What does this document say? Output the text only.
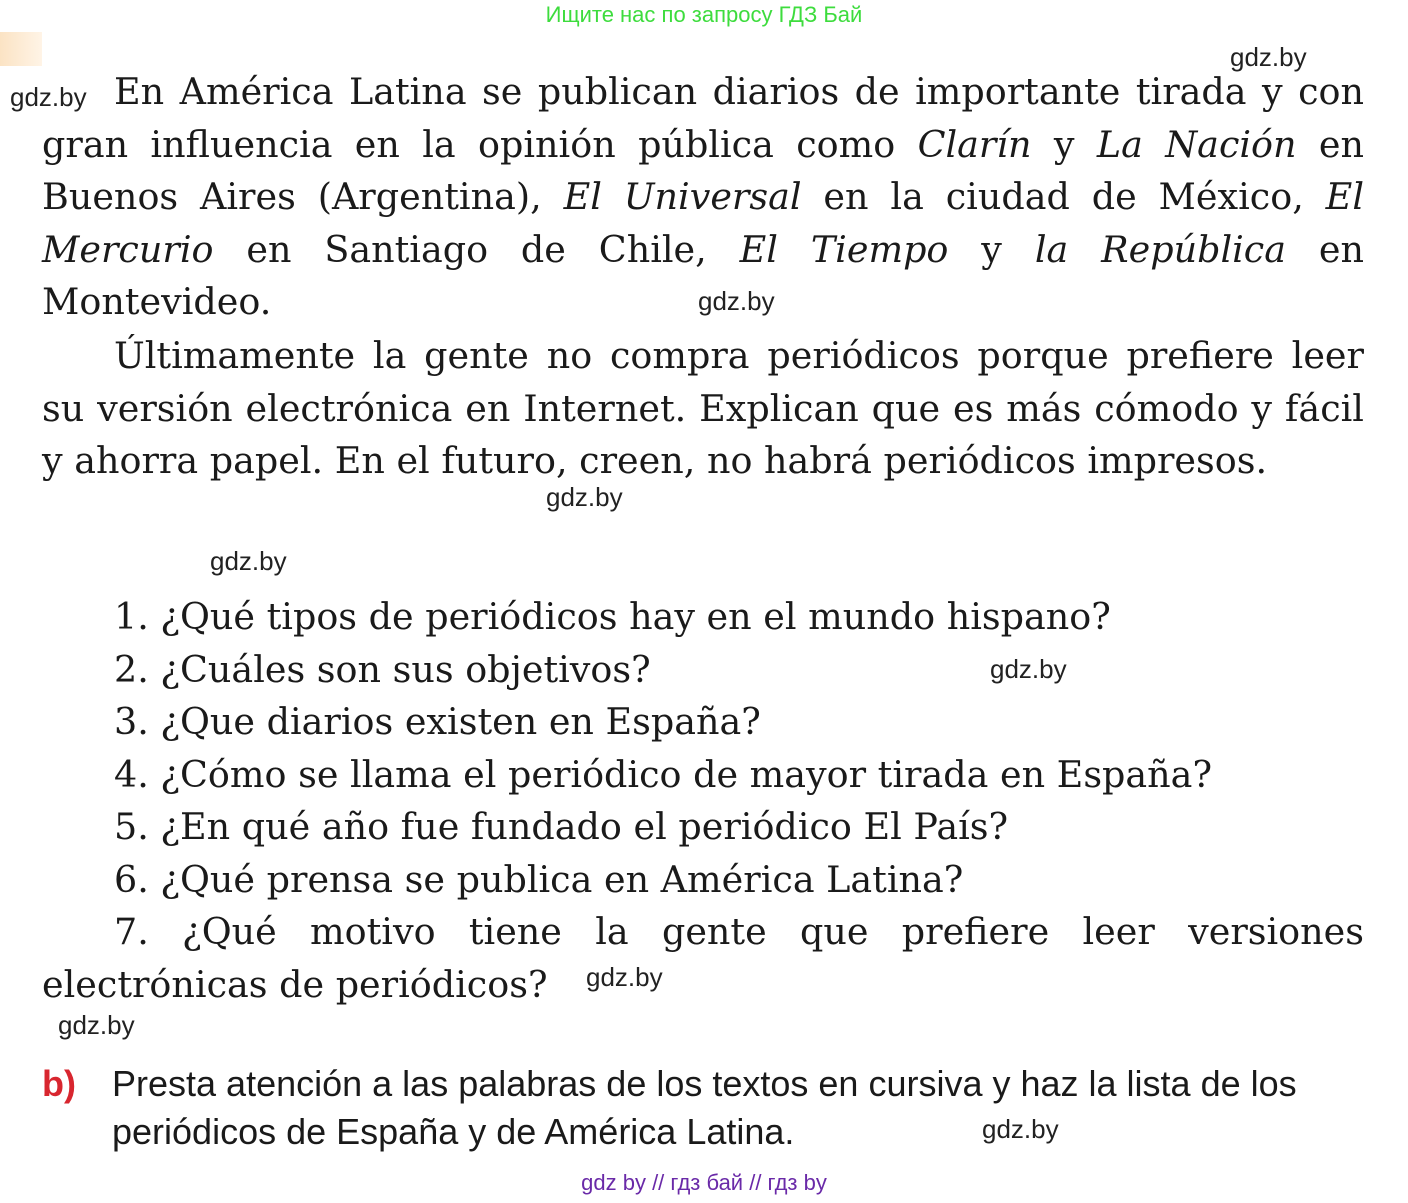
Ищите нас по запросу ГДЗ Бай

gdz.by
gdz.by
gdz.by
gdz.by
gdz.by
gdz.by
gdz.by
gdz.by
gdz.by

En América Latina se publican diarios de importante tirada y con gran influencia en la opinión pública como Clarín y La Nación en Buenos Aires (Argentina), El Universal en la ciudad de México, El Mercurio en Santiago de Chile, El Tiempo y la República en Montevideo.

Últimamente la gente no compra periódicos porque prefiere leer su versión electrónica en Internet. Explican que es más cómodo y fácil y ahorra papel. En el futuro, creen, no habrá periódicos impresos.

1. ¿Qué tipos de periódicos hay en el mundo hispano?
2. ¿Cuáles son sus objetivos?
3. ¿Que diarios existen en España?
4. ¿Cómo se llama el periódico de mayor tirada en España?
5. ¿En qué año fue fundado el periódico El País?
6. ¿Qué prensa se publica en América Latina?
7. ¿Qué motivo tiene la gente que prefiere leer versiones electrónicas de periódicos?

b) Presta atención a las palabras de los textos en cursiva y haz la lista de los periódicos de España y de América Latina.

gdz by // гдз бай // гдз by
